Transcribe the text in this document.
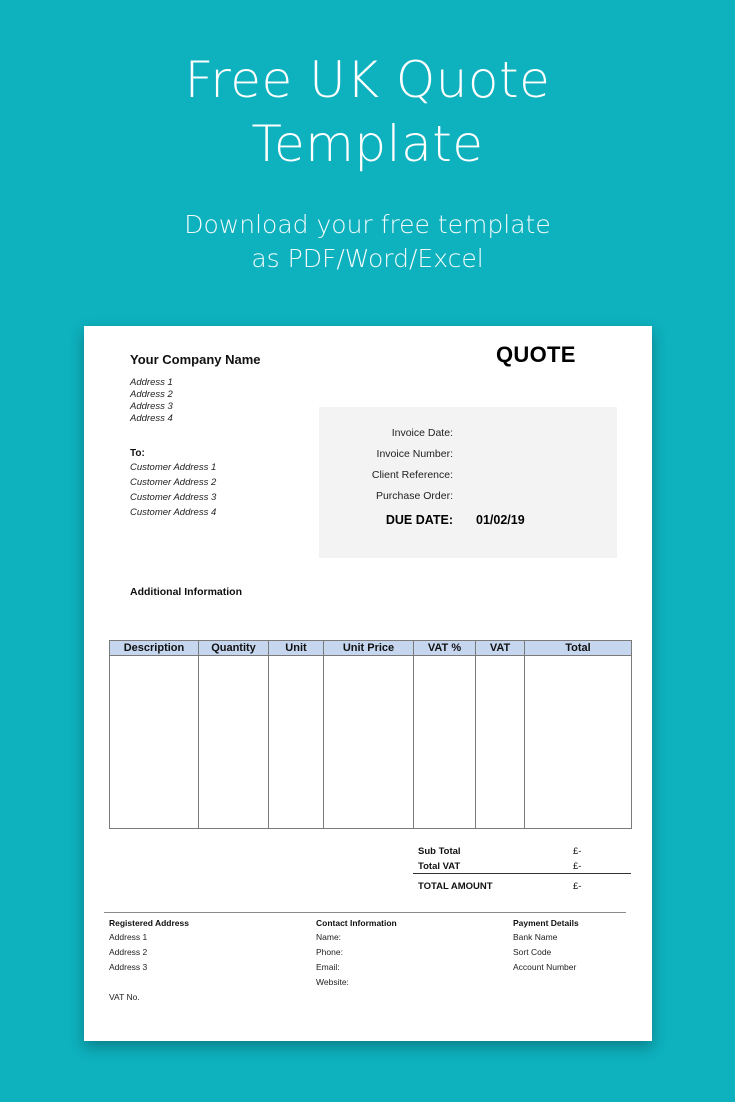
Free UK Quote
Template
Download your free template
as PDF/Word/Excel
Your Company Name	QUOTE
Address 1
Address 2
Address 3
Address 4
To:
Customer Address 1
Customer Address 2
Customer Address 3
Customer Address 4
Invoice Date:
Invoice Number:
Client Reference:
Purchase Order:
DUE DATE: 01/02/19
Additional Information
Description	Quantity	Unit	Unit Price	VAT %	VAT	Total

Sub Total	£-
Total VAT	£-
TOTAL AMOUNT	£-
Registered Address
Address 1
Address 2
Address 3
VAT No.
Contact Information
Name:
Phone:
Email:
Website:
Payment Details
Bank Name
Sort Code
Account Number
